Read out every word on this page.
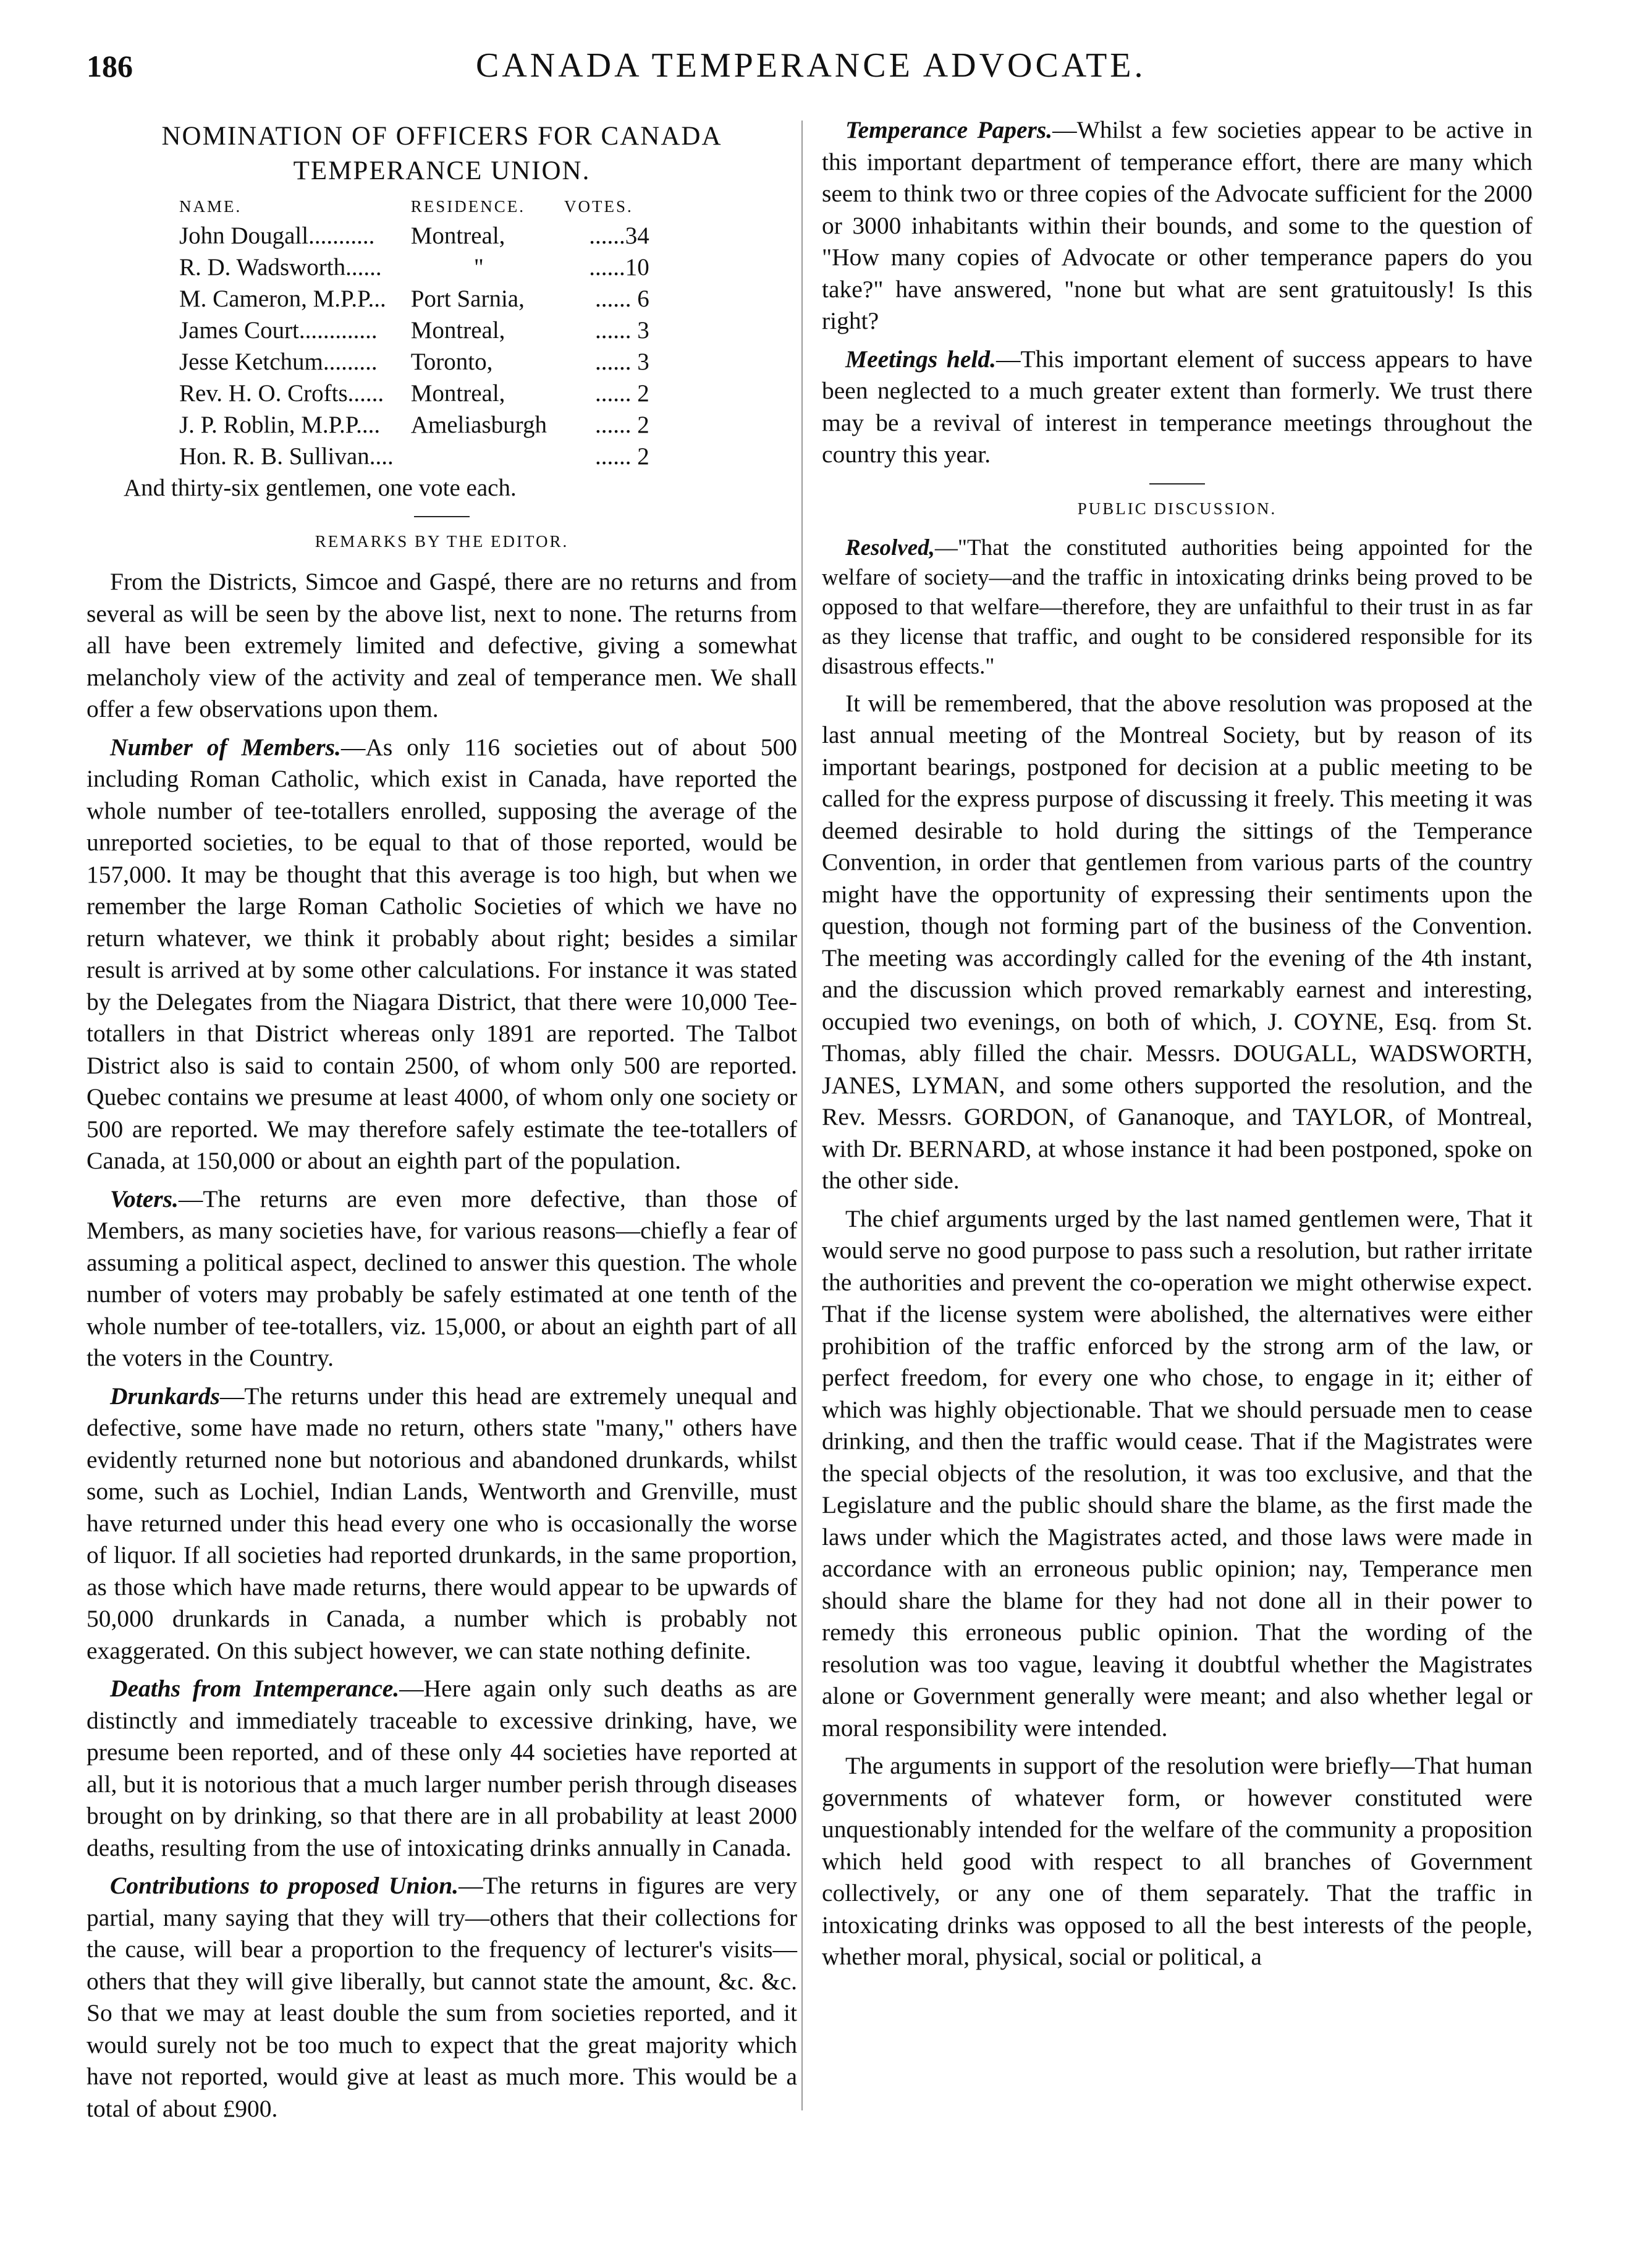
186	CANADA TEMPERANCE ADVOCATE.
NOMINATION OF OFFICERS FOR CANADA TEMPERANCE UNION.
NAME.	RESIDENCE.	VOTES.
John Dougall...........	Montreal,	......34
R. D. Wadsworth......	"	......10
M. Cameron, M.P.P...	Port Sarnia,	...... 6
James Court.............	Montreal,	...... 3
Jesse Ketchum.........	Toronto,	...... 3
Rev. H. O. Crofts......	Montreal,	...... 2
J. P. Roblin, M.P.P....	Ameliasburgh	...... 2
Hon. R. B. Sullivan....		...... 2
And thirty-six gentlemen, one vote each.
REMARKS BY THE EDITOR.

From the Districts, Simcoe and Gaspé, there are no returns and from several as will be seen by the above list, next to none. The returns from all have been extremely limited and defective, giving a somewhat melancholy view of the activity and zeal of temperance men. We shall offer a few observations upon them.

Number of Members.—As only 116 societies out of about 500 including Roman Catholic, which exist in Canada, have reported the whole number of tee-totallers enrolled, supposing the average of the unreported societies, to be equal to that of those reported, would be 157,000. It may be thought that this average is too high, but when we remember the large Roman Catholic Societies of which we have no return whatever, we think it probably about right; besides a similar result is arrived at by some other calculations. For instance it was stated by the Delegates from the Niagara District, that there were 10,000 Tee-totallers in that District whereas only 1891 are reported. The Talbot District also is said to contain 2500, of whom only 500 are reported. Quebec contains we presume at least 4000, of whom only one society or 500 are reported. We may therefore safely estimate the tee-totallers of Canada, at 150,000 or about an eighth part of the population.

Voters.—The returns are even more defective, than those of Members, as many societies have, for various reasons—chiefly a fear of assuming a political aspect, declined to answer this question. The whole number of voters may probably be safely estimated at one tenth of the whole number of tee-totallers, viz. 15,000, or about an eighth part of all the voters in the Country.

Drunkards—The returns under this head are extremely unequal and defective, some have made no return, others state "many," others have evidently returned none but notorious and abandoned drunkards, whilst some, such as Lochiel, Indian Lands, Wentworth and Grenville, must have returned under this head every one who is occasionally the worse of liquor. If all societies had reported drunkards, in the same proportion, as those which have made returns, there would appear to be upwards of 50,000 drunkards in Canada, a number which is probably not exaggerated. On this subject however, we can state nothing definite.

Deaths from Intemperance.—Here again only such deaths as are distinctly and immediately traceable to excessive drinking, have, we presume been reported, and of these only 44 societies have reported at all, but it is notorious that a much larger number perish through diseases brought on by drinking, so that there are in all probability at least 2000 deaths, resulting from the use of intoxicating drinks annually in Canada.

Contributions to proposed Union.—The returns in figures are very partial, many saying that they will try—others that their collections for the cause, will bear a proportion to the frequency of lecturer's visits—others that they will give liberally, but cannot state the amount, &c. &c. So that we may at least double the sum from societies reported, and it would surely not be too much to expect that the great majority which have not reported, would give at least as much more. This would be a total of about £900.

Temperance Papers.—Whilst a few societies appear to be active in this important department of temperance effort, there are many which seem to think two or three copies of the Advocate sufficient for the 2000 or 3000 inhabitants within their bounds, and some to the question of "How many copies of Advocate or other temperance papers do you take?" have answered, "none but what are sent gratuitously! Is this right?

Meetings held.—This important element of success appears to have been neglected to a much greater extent than formerly. We trust there may be a revival of interest in temperance meetings throughout the country this year.

PUBLIC DISCUSSION.

Resolved,—"That the constituted authorities being appointed for the welfare of society—and the traffic in intoxicating drinks being proved to be opposed to that welfare—therefore, they are unfaithful to their trust in as far as they license that traffic, and ought to be considered responsible for its disastrous effects."

It will be remembered, that the above resolution was proposed at the last annual meeting of the Montreal Society, but by reason of its important bearings, postponed for decision at a public meeting to be called for the express purpose of discussing it freely. This meeting it was deemed desirable to hold during the sittings of the Temperance Convention, in order that gentlemen from various parts of the country might have the opportunity of expressing their sentiments upon the question, though not forming part of the business of the Convention. The meeting was accordingly called for the evening of the 4th instant, and the discussion which proved remarkably earnest and interesting, occupied two evenings, on both of which, J. COYNE, Esq. from St. Thomas, ably filled the chair. Messrs. DOUGALL, WADSWORTH, JANES, LYMAN, and some others supported the resolution, and the Rev. Messrs. GORDON, of Gananoque, and TAYLOR, of Montreal, with Dr. BERNARD, at whose instance it had been postponed, spoke on the other side.

The chief arguments urged by the last named gentlemen were, That it would serve no good purpose to pass such a resolution, but rather irritate the authorities and prevent the co-operation we might otherwise expect. That if the license system were abolished, the alternatives were either prohibition of the traffic enforced by the strong arm of the law, or perfect freedom, for every one who chose, to engage in it; either of which was highly objectionable. That we should persuade men to cease drinking, and then the traffic would cease. That if the Magistrates were the special objects of the resolution, it was too exclusive, and that the Legislature and the public should share the blame, as the first made the laws under which the Magistrates acted, and those laws were made in accordance with an erroneous public opinion; nay, Temperance men should share the blame for they had not done all in their power to remedy this erroneous public opinion. That the wording of the resolution was too vague, leaving it doubtful whether the Magistrates alone or Government generally were meant; and also whether legal or moral responsibility were intended.

The arguments in support of the resolution were briefly—That human governments of whatever form, or however constituted were unquestionably intended for the welfare of the community a proposition which held good with respect to all branches of Government collectively, or any one of them separately. That the traffic in intoxicating drinks was opposed to all the best interests of the people, whether moral, physical, social or political, a
